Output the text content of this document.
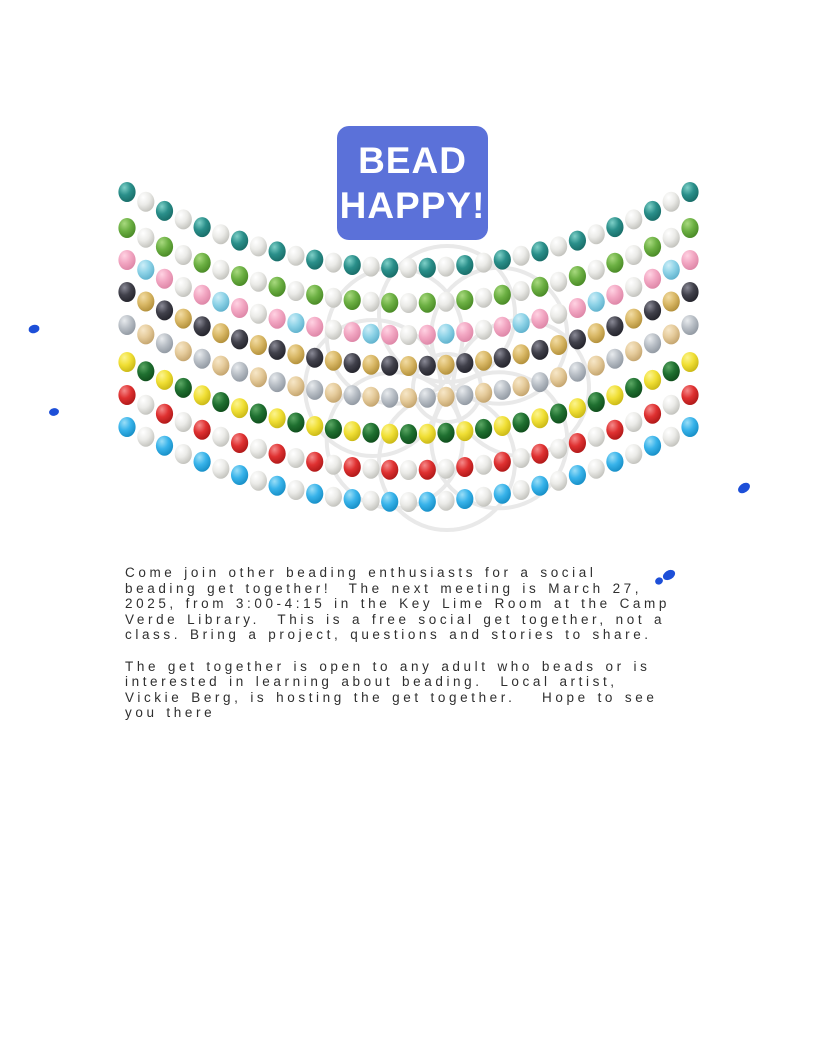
BEAD
HAPPY!
Come join other beading enthusiasts for a social
beading get together!  The next meeting is March 27,
2025, from 3:00-4:15 in the Key Lime Room at the Camp
Verde Library.  This is a free social get together, not a
class. Bring a project, questions and stories to share.
The get together is open to any adult who beads or is
interested in learning about beading.  Local artist,
Vickie Berg, is hosting the get together.   Hope to see
you there
